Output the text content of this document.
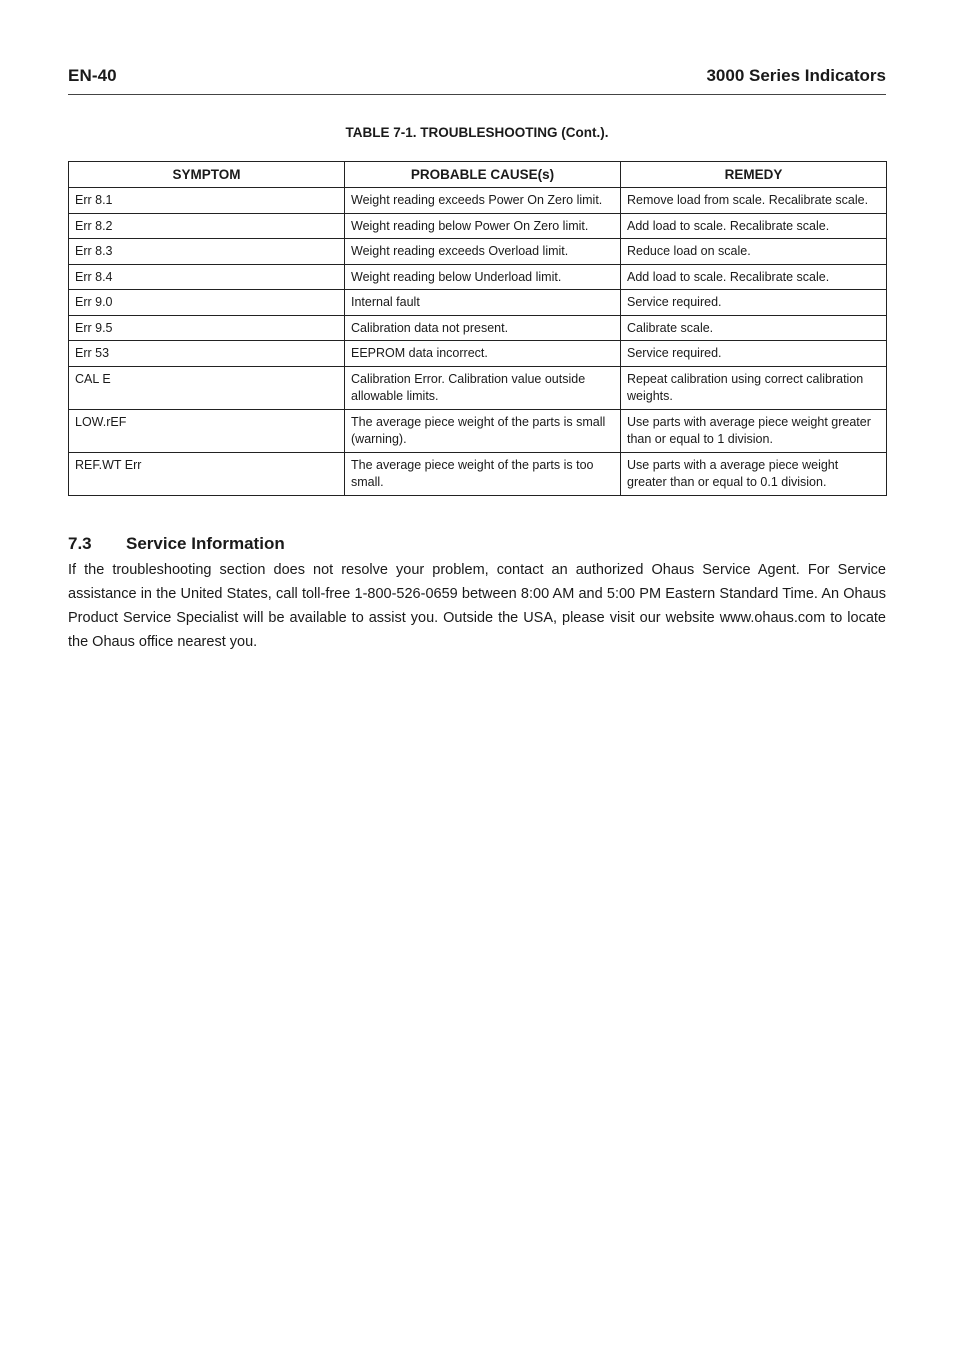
EN-40	3000 Series Indicators
TABLE 7-1. TROUBLESHOOTING (Cont.).
SYMPTOM	PROBABLE CAUSE(s)	REMEDY
Err 8.1	Weight reading exceeds Power On Zero limit.	Remove load from scale. Recalibrate scale.
Err 8.2	Weight reading below Power On Zero limit.	Add load to scale. Recalibrate scale.
Err 8.3	Weight reading exceeds Overload limit.	Reduce load on scale.
Err 8.4	Weight reading below Underload limit.	Add load to scale. Recalibrate scale.
Err 9.0	Internal fault	Service required.
Err 9.5	Calibration data not present.	Calibrate scale.
Err 53	EEPROM data incorrect.	Service required.
CAL E	Calibration Error. Calibration value outside allowable limits.	Repeat calibration using correct calibration weights.
LOW.rEF	The average piece weight of the parts is small (warning).	Use parts with average piece weight greater than or equal to 1 division.
REF.WT Err	The average piece weight of the parts is too small.	Use parts with a average piece weight greater than or equal to 0.1 division.
7.3 Service Information
If the troubleshooting section does not resolve your problem, contact an authorized Ohaus Service Agent. For Service assistance in the United States, call toll-free 1-800-526-0659 between 8:00 AM and 5:00 PM Eastern Standard Time. An Ohaus Product Service Specialist will be available to assist you. Outside the USA, please visit our website www.ohaus.com to locate the Ohaus office nearest you.
